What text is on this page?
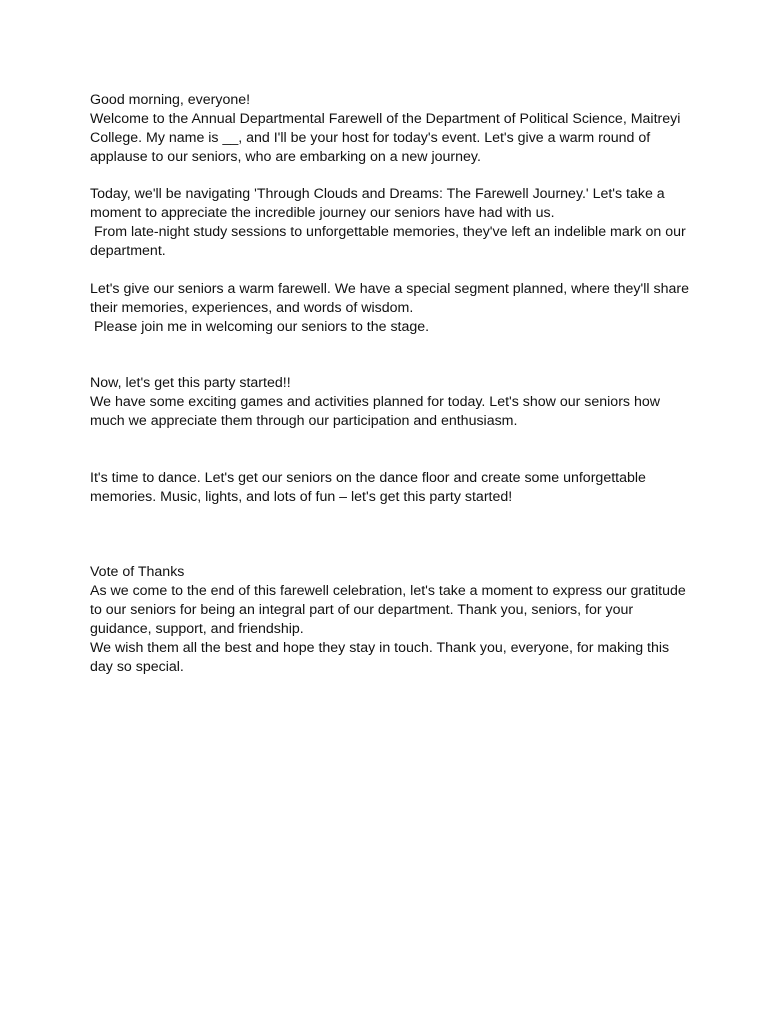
Good morning, everyone!
Welcome to the Annual Departmental Farewell of the Department of Political Science, Maitreyi
College. My name is __, and I'll be your host for today's event. Let's give a warm round of
applause to our seniors, who are embarking on a new journey.
Today, we'll be navigating 'Through Clouds and Dreams: The Farewell Journey.' Let's take a
moment to appreciate the incredible journey our seniors have had with us.
From late-night study sessions to unforgettable memories, they've left an indelible mark on our
department.
Let's give our seniors a warm farewell. We have a special segment planned, where they'll share
their memories, experiences, and words of wisdom.
Please join me in welcoming our seniors to the stage.
Now, let's get this party started!!
We have some exciting games and activities planned for today. Let's show our seniors how
much we appreciate them through our participation and enthusiasm.
It's time to dance. Let's get our seniors on the dance floor and create some unforgettable
memories. Music, lights, and lots of fun – let's get this party started!
Vote of Thanks
As we come to the end of this farewell celebration, let's take a moment to express our gratitude
to our seniors for being an integral part of our department. Thank you, seniors, for your
guidance, support, and friendship.
We wish them all the best and hope they stay in touch. Thank you, everyone, for making this
day so special.
